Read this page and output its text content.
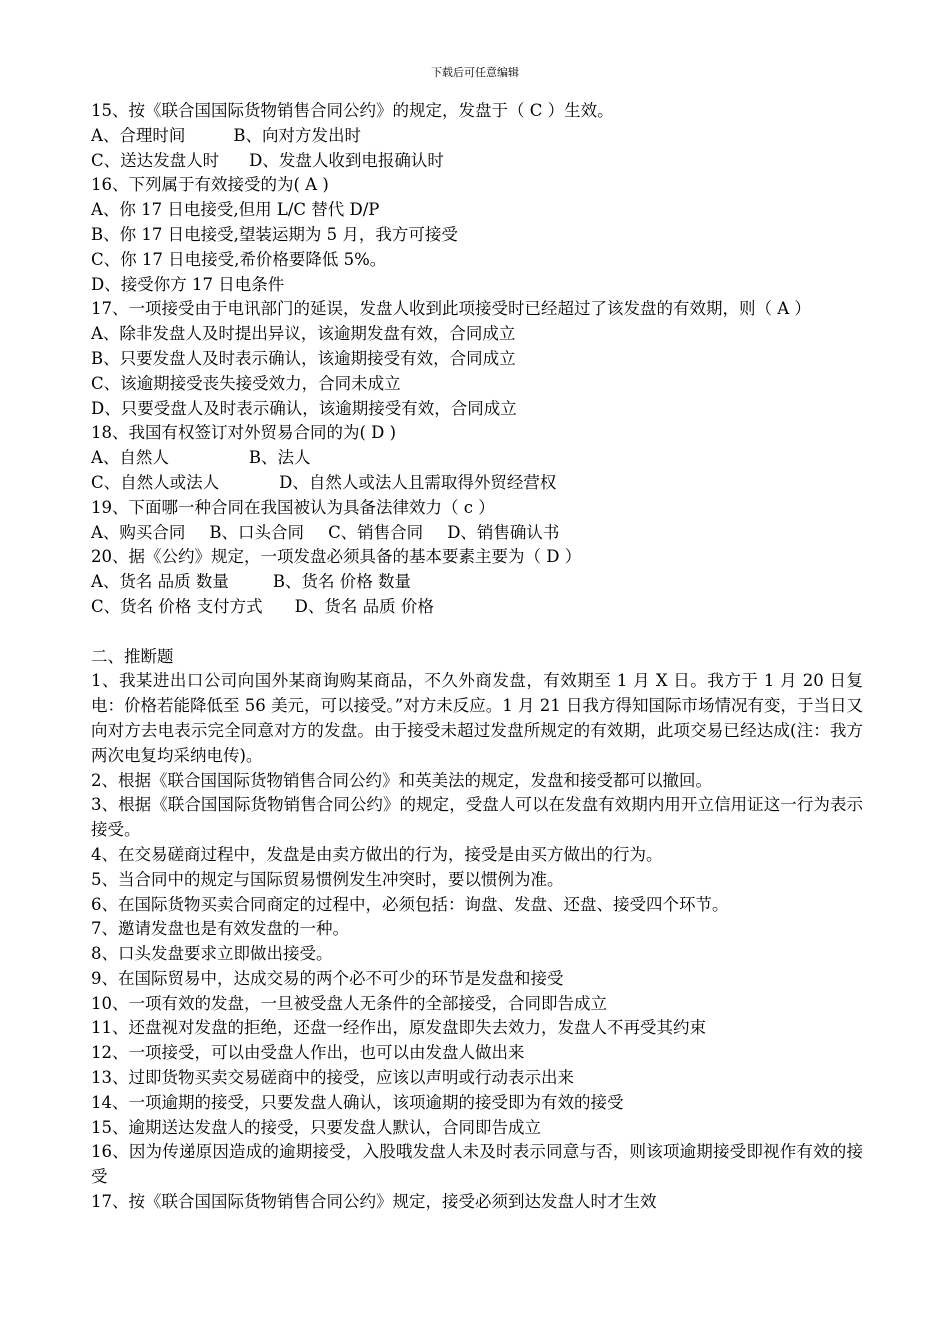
下载后可任意编辑
15、按《联合国国际货物销售合同公约》的规定，发盘于（ C ）生效。
A、合理时间	B、向对方发出时
C、送达发盘人时 D、发盘人收到电报确认时
16、下列属于有效接受的为( A )
A、你 17 日电接受,但用 L/C 替代 D/P
B、你 17 日电接受,望装运期为 5 月，我方可接受
C、你 17 日电接受,希价格要降低 5%。
D、接受你方 17 日电条件
17、一项接受由于电讯部门的延误，发盘人收到此项接受时已经超过了该发盘的有效期，则（ A ）
A、除非发盘人及时提出异议，该逾期发盘有效，合同成立
B、只要发盘人及时表示确认，该逾期接受有效，合同成立
C、该逾期接受丧失接受效力，合同未成立
D、只要受盘人及时表示确认，该逾期接受有效，合同成立
18、我国有权签订对外贸易合同的为( D )
A、自然人	B、法人
C、自然人或法人	D、自然人或法人且需取得外贸经营权
19、下面哪一种合同在我国被认为具备法律效力（ c ）
A、购买合同 B、口头合同 C、销售合同 D、销售确认书
20、据《公约》规定，一项发盘必须具备的基本要素主要为（ D ）
A、货名 品质 数量	B、货名 价格 数量
C、货名 价格 支付方式 D、货名 品质 价格
二、推断题
1、我某进出口公司向国外某商询购某商品，不久外商发盘，有效期至 1 月 X 日。我方于 1 月 20 日复电：价格若能降低至 56 美元，可以接受。”对方未反应。1 月 21 日我方得知国际市场情况有变，于当日又向对方去电表示完全同意对方的发盘。由于接受未超过发盘所规定的有效期，此项交易已经达成(注：我方两次电复均采纳电传)。
2、根据《联合国国际货物销售合同公约》和英美法的规定，发盘和接受都可以撤回。
3、根据《联合国国际货物销售合同公约》的规定，受盘人可以在发盘有效期内用开立信用证这一行为表示接受。
4、在交易磋商过程中，发盘是由卖方做出的行为，接受是由买方做出的行为。
5、当合同中的规定与国际贸易惯例发生冲突时，要以惯例为准。
6、在国际货物买卖合同商定的过程中，必须包括：询盘、发盘、还盘、接受四个环节。
7、邀请发盘也是有效发盘的一种。
8、口头发盘要求立即做出接受。
9、在国际贸易中，达成交易的两个必不可少的环节是发盘和接受
10、一项有效的发盘，一旦被受盘人无条件的全部接受，合同即告成立
11、还盘视对发盘的拒绝，还盘一经作出，原发盘即失去效力，发盘人不再受其约束
12、一项接受，可以由受盘人作出，也可以由发盘人做出来
13、过即货物买卖交易磋商中的接受，应该以声明或行动表示出来
14、一项逾期的接受，只要发盘人确认，该项逾期的接受即为有效的接受
15、逾期送达发盘人的接受，只要发盘人默认，合同即告成立
16、因为传递原因造成的逾期接受，入股哦发盘人未及时表示同意与否，则该项逾期接受即视作有效的接受
17、按《联合国国际货物销售合同公约》规定，接受必须到达发盘人时才生效
